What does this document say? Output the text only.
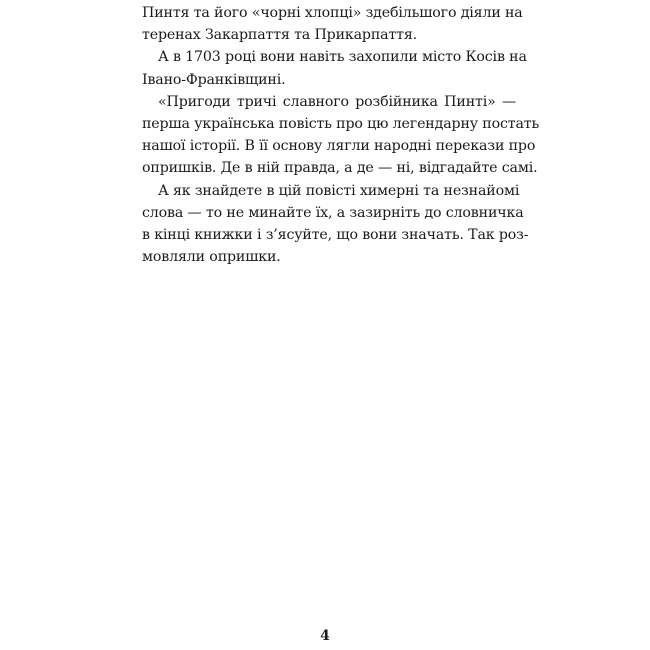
Пинтя та його «чорні хлопці» здебільшого діяли на
теренах Закарпаття та Прикарпаття.
А в 1703 році вони навіть захопили місто Косів на
Івано-Франківщині.
«Пригоди тричі славного розбійника Пинті» —
перша українська повість про цю легендарну постать
нашої історії. В її основу лягли народні перекази про
опришків. Де в ній правда, а де — ні, відгадайте самі.
А як знайдете в цій повісті химерні та незнайомі
слова — то не минайте їх, а зазирніть до словничка
в кінці книжки і з’ясуйте, що вони значать. Так роз-
мовляли опришки.
4
